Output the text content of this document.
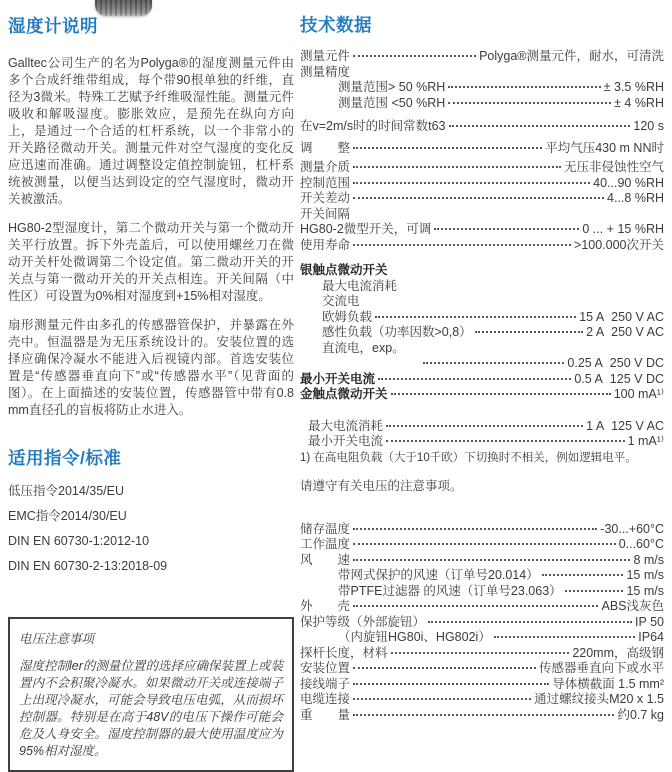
湿度计说明

Galltec公司生产的名为Polyga®的湿度测量元件由多个合成纤维带组成，每个带90根单独的纤维，直径为3微米。特殊工艺赋予纤维吸湿性能。测量元件吸收和解吸湿度。膨胀效应，是预先在纵向方向上，是通过一个合适的杠杆系统，以一个非常小的开关路径微动开关。测量元件对空气湿度的变化反应迅速而准确。通过调整设定值控制旋钮，杠杆系统被测量，以便当达到设定的空气湿度时，微动开关被激活。

HG80-2型湿度计，第二个微动开关与第一个微动开关平行放置。拆下外壳盖后，可以使用螺丝刀在微动开关杆处微调第二个设定值。第二微动开关的开关点与第一微动开关的开关点相连。开关间隔（中性区）可设置为0%相对湿度到+15%相对湿度。

扇形测量元件由多孔的传感器管保护，并暴露在外壳中。恒温器是为无压系统设计的。安装位置的选择应确保冷凝水不能进入后视镜内部。首选安装位置是“传感器垂直向下”或“传感器水平”（见背面的图）。在上面描述的安装位置，传感器管中带有0.8 mm直径孔的盲板将防止水进入。

适用指令/标准
低压指令2014/35/EU
EMC指令2014/30/EU
DIN EN 60730-1:2012-10
DIN EN 60730-2-13:2018-09
电压注意事项

湿度控制ler的测量位置的选择应确保装置上或装置内不会积聚冷凝水。如果微动开关或连接端子上出现冷凝水，可能会导致电压电弧，从而损坏控制器。特别是在高于48V的电压下操作可能会危及人身安全。湿度控制器的最大使用温度应为95%相对湿度。

技术数据
测量元件	Polyga®测量元件，耐水，可清洗
测量精度
测量范围> 50 %RH	± 3.5 %RH
测量范围 <50 %RH	± 4 %RH
在v=2m/s时的时间常数t63	120 s
调　　整	平均气压430 m NN时
测量介质	无压非侵蚀性空气
控制范围	40...90 %RH
开关差动	4...8 %RH
开关间隔
HG80-2微型开关，可调	0 ... + 15 %RH
使用寿命	>100.000次开关
银触点微动开关
最大电流消耗
交流电
欧姆负载	15 A  250 V AC
感性负载（功率因数>0,8）	2 A  250 V AC
直流电，exp。
0.25 A  250 V DC
最小开关电流	0.5 A  125 V DC
金触点微动开关	100 mA¹⁾
最大电流消耗	1 A  125 V AC
最小开关电流	1 mA¹⁾
1) 在高电阻负载（大于10千欧）下切换时不相关，例如逻辑电平。
请遵守有关电压的注意事项。
储存温度	-30...+60°C
工作温度	0...60°C
风　　速	8 m/s
带网式保护的风速（订单号20.014）	15 m/s
带PTFE过滤器 的风速（订单号23.063）	15 m/s
外　　壳	ABS浅灰色
保护等级（外部旋钮）	IP 50
（内旋钮HG80i、HG802i）	IP64
探杆长度，材料	220mm，高级钢
安装位置	传感器垂直向下或水平
接线端子	导体横截面 1.5 mm²
电缆连接	通过螺纹接头M20 x 1.5
重　　量	约0.7 kg
